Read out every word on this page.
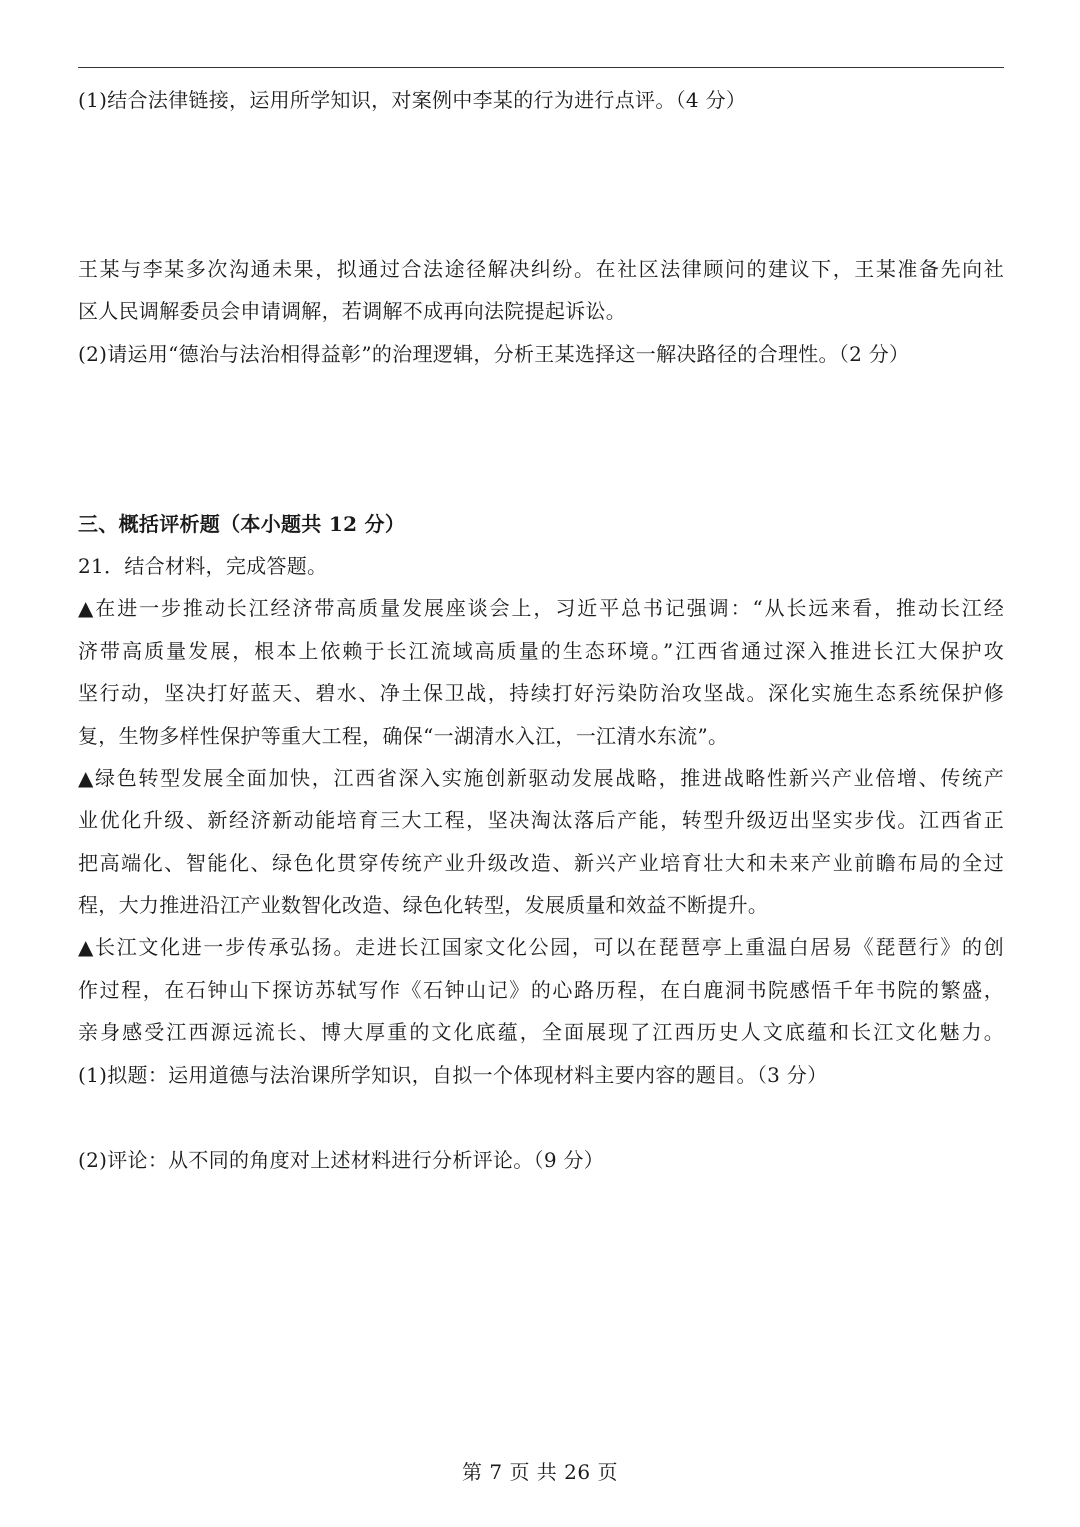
(1)结合法律链接，运用所学知识，对案例中李某的行为进行点评。（4 分）
王某与李某多次沟通未果，拟通过合法途径解决纠纷。在社区法律顾问的建议下，王某准备先向社
区人民调解委员会申请调解，若调解不成再向法院提起诉讼。
(2)请运用“德治与法治相得益彰”的治理逻辑，分析王某选择这一解决路径的合理性。（2 分）
三、概括评析题（本小题共 12 分）
21．结合材料，完成答题。
▲在进一步推动长江经济带高质量发展座谈会上，习近平总书记强调：“从长远来看，推动长江经
济带高质量发展，根本上依赖于长江流域高质量的生态环境。”江西省通过深入推进长江大保护攻
坚行动，坚决打好蓝天、碧水、净土保卫战，持续打好污染防治攻坚战。深化实施生态系统保护修
复，生物多样性保护等重大工程，确保“一湖清水入江，一江清水东流”。
▲绿色转型发展全面加快，江西省深入实施创新驱动发展战略，推进战略性新兴产业倍增、传统产
业优化升级、新经济新动能培育三大工程，坚决淘汰落后产能，转型升级迈出坚实步伐。江西省正
把高端化、智能化、绿色化贯穿传统产业升级改造、新兴产业培育壮大和未来产业前瞻布局的全过
程，大力推进沿江产业数智化改造、绿色化转型，发展质量和效益不断提升。
▲长江文化进一步传承弘扬。走进长江国家文化公园，可以在琵琶亭上重温白居易《琵琶行》的创
作过程，在石钟山下探访苏轼写作《石钟山记》的心路历程，在白鹿洞书院感悟千年书院的繁盛，
亲身感受江西源远流长、博大厚重的文化底蕴，全面展现了江西历史人文底蕴和长江文化魅力。
(1)拟题：运用道德与法治课所学知识，自拟一个体现材料主要内容的题目。（3 分）
(2)评论：从不同的角度对上述材料进行分析评论。（9 分）
第 7 页 共 26 页
